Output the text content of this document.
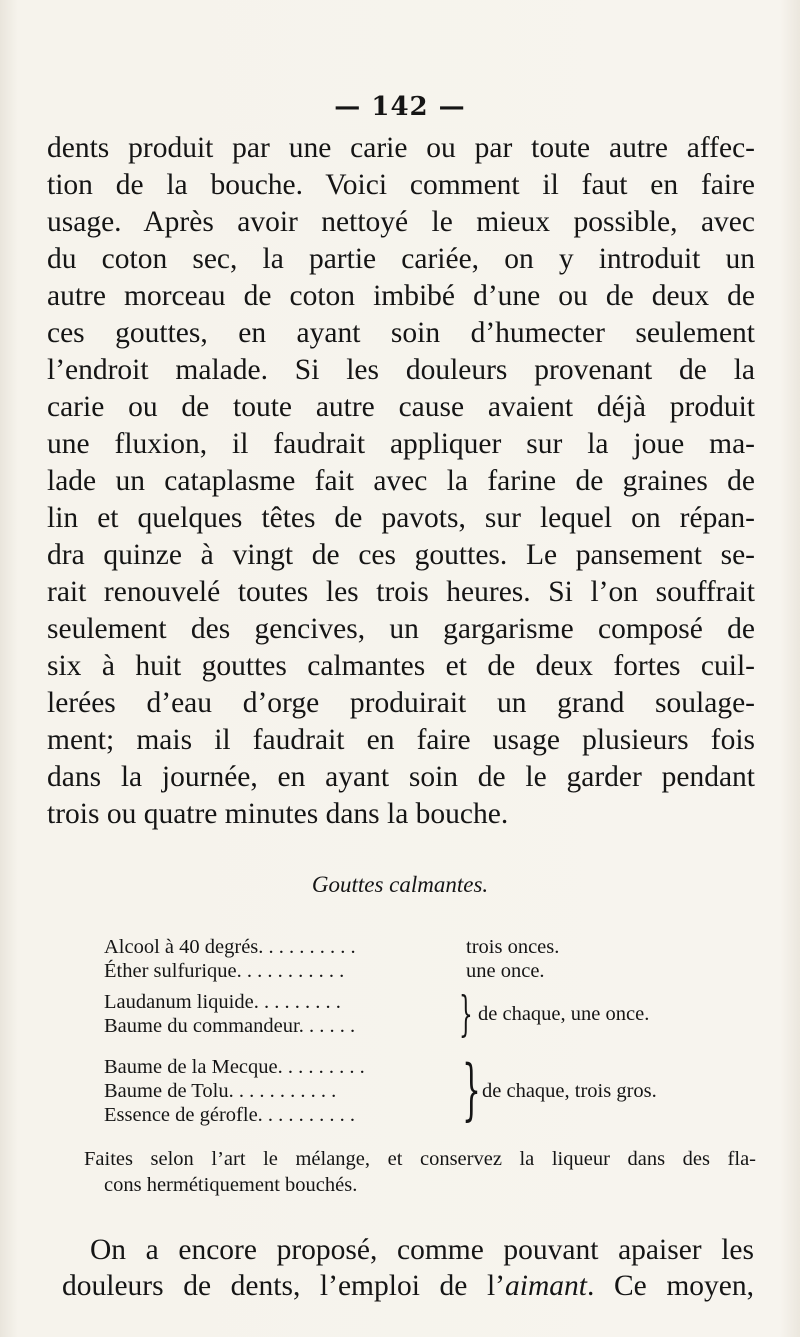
— 142 —
dents produit par une carie ou par toute autre affec-
tion de la bouche. Voici comment il faut en faire
usage. Après avoir nettoyé le mieux possible, avec
du coton sec, la partie cariée, on y introduit un
autre morceau de coton imbibé d’une ou de deux de
ces gouttes, en ayant soin d’humecter seulement
l’endroit malade. Si les douleurs provenant de la
carie ou de toute autre cause avaient déjà produit
une fluxion, il faudrait appliquer sur la joue ma-
lade un cataplasme fait avec la farine de graines de
lin et quelques têtes de pavots, sur lequel on répan-
dra quinze à vingt de ces gouttes. Le pansement se-
rait renouvelé toutes les trois heures. Si l’on souffrait
seulement des gencives, un gargarisme composé de
six à huit gouttes calmantes et de deux fortes cuil-
lerées d’eau d’orge produirait un grand soulage-
ment; mais il faudrait en faire usage plusieurs fois
dans la journée, en ayant soin de le garder pendant
trois ou quatre minutes dans la bouche.
Gouttes calmantes.
Alcool à 40 degrés. . . . . . . . . .	trois onces.
Éther sulfurique. . . . . . . . . . .	une once.
Laudanum liquide. . . . . . . . .
Baume du commandeur. . . . . . } de chaque, une once.
Baume de la Mecque. . . . . . . . .
Baume de Tolu. . . . . . . . . . .
Essence de gérofle. . . . . . . . . . } de chaque, trois gros.
Faites selon l’art le mélange, et conservez la liqueur dans des fla-
cons hermétiquement bouchés.
On a encore proposé, comme pouvant apaiser les
douleurs de dents, l’emploi de l’aimant. Ce moyen,
